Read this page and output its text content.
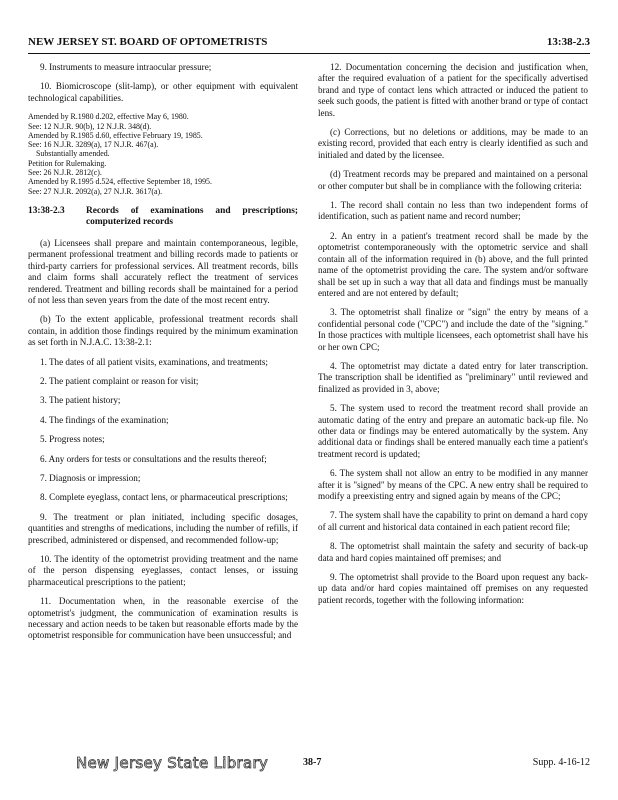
NEW JERSEY ST. BOARD OF OPTOMETRISTS	13:38-2.3

9. Instruments to measure intraocular pressure;

10. Biomicroscope (slit-lamp), or other equipment with equivalent technological capabilities.

Amended by R.1980 d.202, effective May 6, 1980.
See: 12 N.J.R. 90(b), 12 N.J.R. 348(d).
Amended by R.1985 d.60, effective February 19, 1985.
See: 16 N.J.R. 3289(a), 17 N.J.R. 467(a).
Substantially amended.
Petition for Rulemaking.
See: 26 N.J.R. 2812(c).
Amended by R.1995 d.524, effective September 18, 1995.
See: 27 N.J.R. 2092(a), 27 N.J.R. 3617(a).
13:38-2.3	Records of examinations and prescriptions; computerized records

(a) Licensees shall prepare and maintain contemporaneous, legible, permanent professional treatment and billing records made to patients or third-party carriers for professional services. All treatment records, bills and claim forms shall accurately reflect the treatment of services rendered. Treatment and billing records shall be maintained for a period of not less than seven years from the date of the most recent entry.

(b) To the extent applicable, professional treatment records shall contain, in addition those findings required by the minimum examination as set forth in N.J.A.C. 13:38-2.1:

1. The dates of all patient visits, examinations, and treatments;

2. The patient complaint or reason for visit;

3. The patient history;

4. The findings of the examination;

5. Progress notes;

6. Any orders for tests or consultations and the results thereof;

7. Diagnosis or impression;

8. Complete eyeglass, contact lens, or pharmaceutical prescriptions;

9. The treatment or plan initiated, including specific dosages, quantities and strengths of medications, including the number of refills, if prescribed, administered or dispensed, and recommended follow-up;

10. The identity of the optometrist providing treatment and the name of the person dispensing eyeglasses, contact lenses, or issuing pharmaceutical prescriptions to the patient;

11. Documentation when, in the reasonable exercise of the optometrist's judgment, the communication of examination results is necessary and action needs to be taken but reasonable efforts made by the optometrist responsible for communication have been unsuccessful; and

12. Documentation concerning the decision and justification when, after the required evaluation of a patient for the specifically advertised brand and type of contact lens which attracted or induced the patient to seek such goods, the patient is fitted with another brand or type of contact lens.

(c) Corrections, but no deletions or additions, may be made to an existing record, provided that each entry is clearly identified as such and initialed and dated by the licensee.

(d) Treatment records may be prepared and maintained on a personal or other computer but shall be in compliance with the following criteria:

1. The record shall contain no less than two independent forms of identification, such as patient name and record number;

2. An entry in a patient's treatment record shall be made by the optometrist contemporaneously with the optometric service and shall contain all of the information required in (b) above, and the full printed name of the optometrist providing the care. The system and/or software shall be set up in such a way that all data and findings must be manually entered and are not entered by default;

3. The optometrist shall finalize or "sign" the entry by means of a confidential personal code ("CPC") and include the date of the "signing." In those practices with multiple licensees, each optometrist shall have his or her own CPC;

4. The optometrist may dictate a dated entry for later transcription. The transcription shall be identified as "preliminary" until reviewed and finalized as provided in 3, above;

5. The system used to record the treatment record shall provide an automatic dating of the entry and prepare an automatic back-up file. No other data or findings may be entered automatically by the system. Any additional data or findings shall be entered manually each time a patient's treatment record is updated;

6. The system shall not allow an entry to be modified in any manner after it is "signed" by means of the CPC. A new entry shall be required to modify a preexisting entry and signed again by means of the CPC;

7. The system shall have the capability to print on demand a hard copy of all current and historical data contained in each patient record file;

8. The optometrist shall maintain the safety and security of back-up data and hard copies maintained off premises; and

9. The optometrist shall provide to the Board upon request any back-up data and/or hard copies maintained off premises on any requested patient records, together with the following information:

New Jersey State Library	38-7	Supp. 4-16-12
